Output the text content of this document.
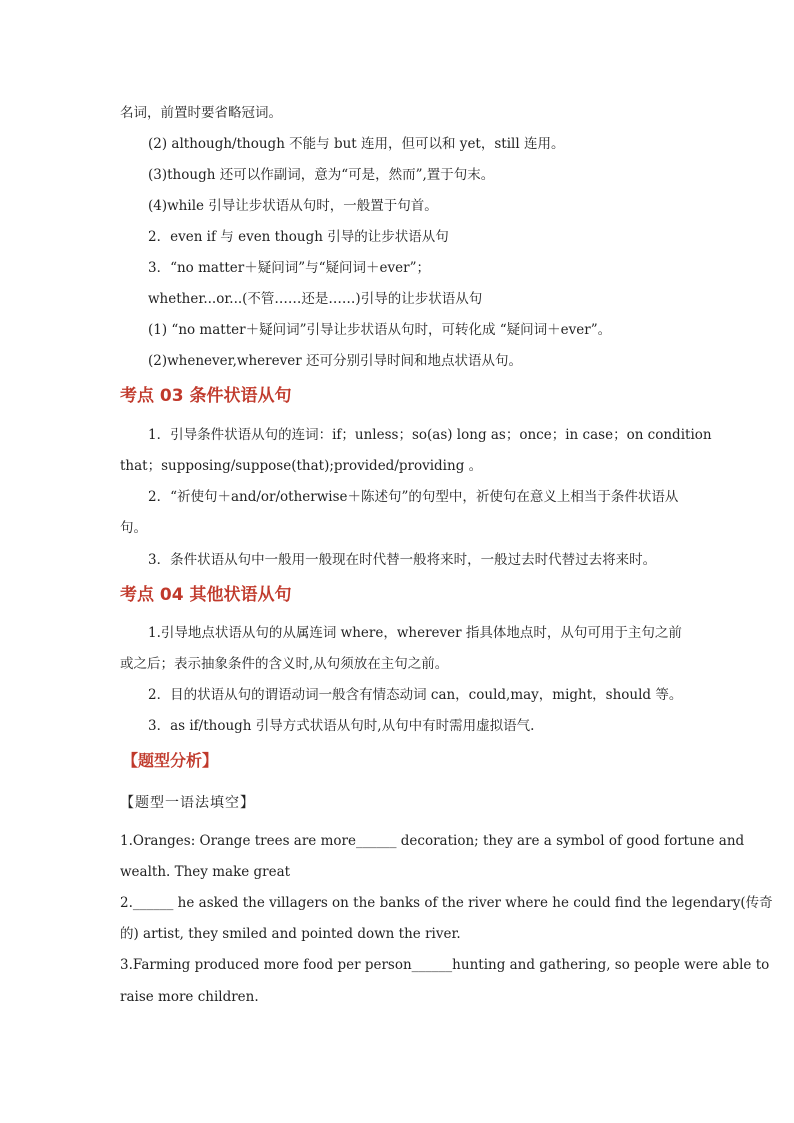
名词，前置时要省略冠词。
(2) although/though 不能与 but 连用，但可以和 yet，still 连用。
(3)though 还可以作副词，意为“可是，然而”,置于句末。
(4)while 引导让步状语从句时，一般置于句首。
2．even if 与 even though 引导的让步状语从句
3．“no matter＋疑问词”与“疑问词＋ever”；
whether...or...(不管……还是……)引导的让步状语从句
(1) “no matter＋疑问词”引导让步状语从句时，可转化成 “疑问词＋ever”。
(2)whenever,wherever 还可分别引导时间和地点状语从句。
考点 03 条件状语从句
1．引导条件状语从句的连词：if；unless；so(as) long as；once；in case；on condition
that；supposing/suppose(that);provided/providing 。
2．“祈使句＋and/or/otherwise＋陈述句”的句型中，祈使句在意义上相当于条件状语从
句。
3．条件状语从句中一般用一般现在时代替一般将来时，一般过去时代替过去将来时。
考点 04 其他状语从句
1.引导地点状语从句的从属连词 where，wherever 指具体地点时，从句可用于主句之前
或之后；表示抽象条件的含义时,从句须放在主句之前。
2．目的状语从句的谓语动词一般含有情态动词 can，could,may，might，should 等。
3．as if/though 引导方式状语从句时,从句中有时需用虚拟语气.
【题型分析】
【题型一语法填空】
1.Oranges: Orange trees are more______ decoration; they are a symbol of good fortune and
wealth. They make great
2.______ he asked the villagers on the banks of the river where he could find the legendary(传奇
的) artist, they smiled and pointed down the river.
3.Farming produced more food per person______hunting and gathering, so people were able to
raise more children.
